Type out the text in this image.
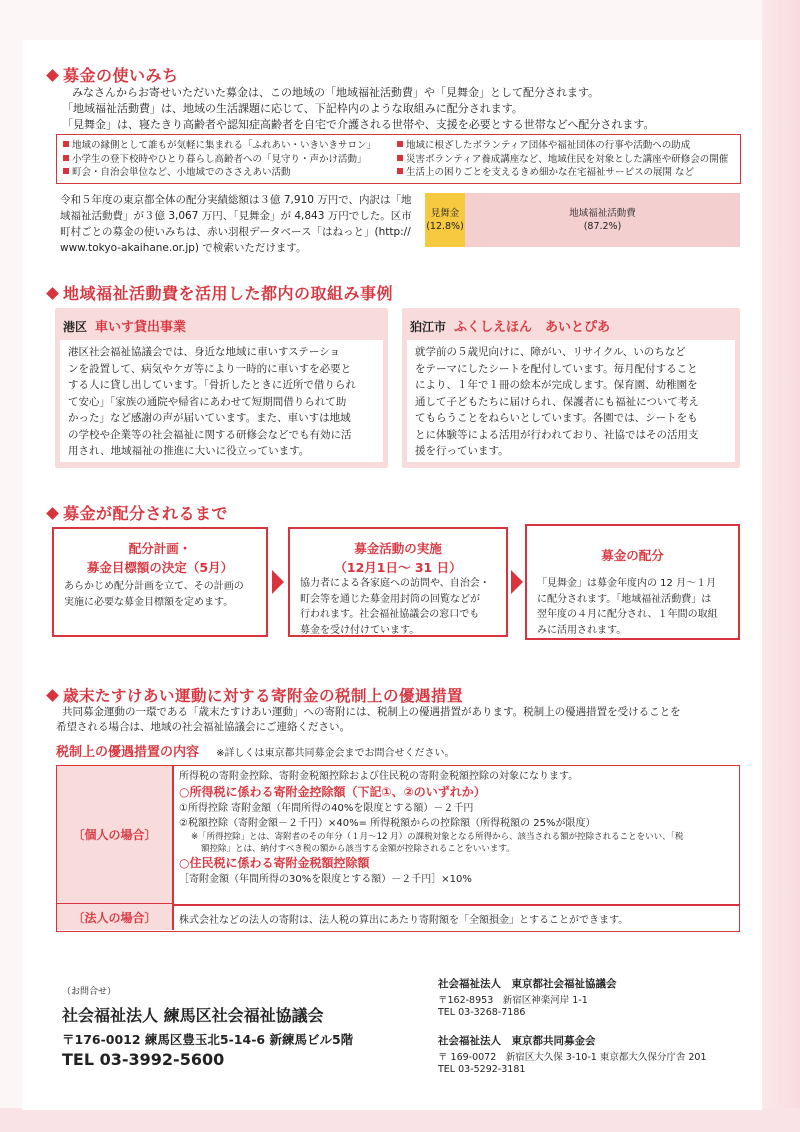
募金の使いみち
みなさんからお寄せいただいた募金は、この地域の「地域福祉活動費」や「見舞金」として配分されます。
「地域福祉活動費」は、地域の生活課題に応じて、下記枠内のような取組みに配分されます。
「見舞金」は、寝たきり高齢者や認知症高齢者を自宅で介護される世帯や、支援を必要とする世帯などへ配分されます。
地域の縁側として誰もが気軽に集まれる「ふれあい・いきいきサロン」
小学生の登下校時やひとり暮らし高齢者への「見守り・声かけ活動」
町会・自治会単位など、小地域でのささえあい活動
地域に根ざしたボランティア団体や福祉団体の行事や活動への助成
災害ボランティア養成講座など、地域住民を対象とした講座や研修会の開催
生活上の困りごとを支えるきめ細かな在宅福祉サービスの展開 など
令和５年度の東京都全体の配分実績総額は３億 7,910 万円で、内訳は「地
域福祉活動費」が３億 3,067 万円、「見舞金」が 4,843 万円でした。区市
町村ごとの募金の使いみちは、赤い羽根データベース「はねっと」(http://
www.tokyo-akaihane.or.jp) で検索いただけます。
見舞金
(12.8%)
地域福祉活動費
(87.2%)
地域福祉活動費を活用した都内の取組み事例
港区 車いす貸出事業
港区社会福祉協議会では、身近な地域に車いすステーショ
ンを設置して、病気やケガ等により一時的に車いすを必要と
する人に貸し出しています。「骨折したときに近所で借りられ
て安心」「家族の通院や帰省にあわせて短期間借りられて助
かった」など感謝の声が届いています。また、車いすは地域
の学校や企業等の社会福祉に関する研修会などでも有効に活
用され、地域福祉の推進に大いに役立っています。
狛江市 ふくしえほん　あいとぴあ
就学前の５歳児向けに、障がい、リサイクル、いのちなど
をテーマにしたシートを配付しています。毎月配付すること
により、１年で１冊の絵本が完成します。保育園、幼稚園を
通して子どもたちに届けられ、保護者にも福祉について考え
てもらうことをねらいとしています。各園では、シートをも
とに体験等による活用が行われており、社協ではその活用支
援を行っています。
募金が配分されるまで
配分計画・
募金目標額の決定（5月）
あらかじめ配分計画を立て、その計画の
実施に必要な募金目標額を定めます。
募金活動の実施
（12月1日～ 31 日）
協力者による各家庭への訪問や、自治会・
町会等を通じた募金用封筒の回覧などが
行われます。社会福祉協議会の窓口でも
募金を受け付けています。
募金の配分
「見舞金」は募金年度内の 12 月～１月
に配分されます。「地域福祉活動費」は
翌年度の４月に配分され、１年間の取組
みに活用されます。
歳末たすけあい運動に対する寄附金の税制上の優遇措置
共同募金運動の一環である「歳末たすけあい運動」への寄附には、税制上の優遇措置があります。税制上の優遇措置を受けることを
希望される場合は、地域の社会福祉協議会にご連絡ください。
税制上の優遇措置の内容 ※詳しくは東京都共同募金会までお問合せください。
〔個人の場合〕
〔法人の場合〕
所得税の寄附金控除、寄附金税額控除および住民税の寄附金税額控除の対象になります。
○所得税に係わる寄附金控除額（下記①、②のいずれか）
①所得控除 寄附金額（年間所得の40%を限度とする額）－２千円
②税額控除（寄附金額－２千円）×40%= 所得税額からの控除額（所得税額の 25%が限度）
※「所得控除」とは、寄附者のその年分（１月～12 月）の課税対象となる所得から、該当される額が控除されることをいい、「税
額控除」とは、納付すべき税の額から該当する金額が控除されることをいいます。
○住民税に係わる寄附金税額控除額
［寄附金額（年間所得の30%を限度とする額）－２千円］×10%
株式会社などの法人の寄附は、法人税の算出にあたり寄附額を「全額損金」とすることができます。
（お問合せ）
社会福祉法人 練馬区社会福祉協議会
〒176-0012 練馬区豊玉北5-14-6 新練馬ビル5階
TEL 03-3992-5600
社会福祉法人　東京都社会福祉協議会
〒162-8953　新宿区神楽河岸 1-1
TEL 03-3268-7186
社会福祉法人　東京都共同募金会
〒 169-0072　新宿区大久保 3-10-1 東京都大久保分庁舎 201
TEL 03-5292-3181
